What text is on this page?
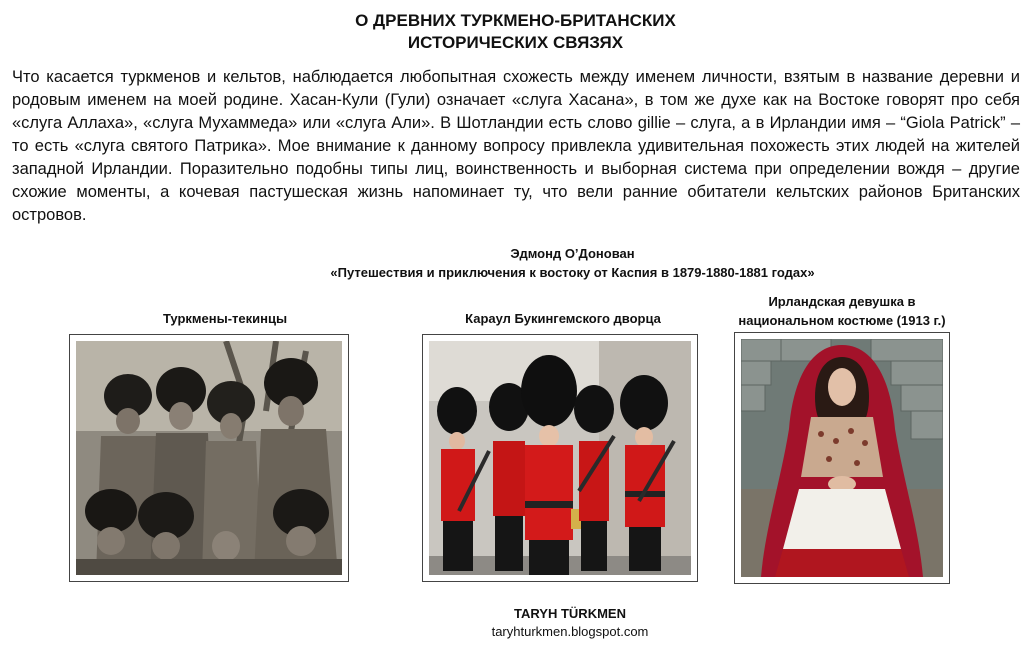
О ДРЕВНИХ ТУРКМЕНО-БРИТАНСКИХ
ИСТОРИЧЕСКИХ СВЯЗЯХ
Что касается туркменов и кельтов, наблюдается любопытная схожесть между именем личности, взятым в название деревни и родовым именем на моей родине. Хасан-Кули (Гули) означает «слуга Хасана», в том же духе как на Востоке говорят про себя «слуга Аллаха», «слуга Мухаммеда» или «слуга Али». В Шотландии есть слово gillie – слуга, а в Ирландии имя – “Giola Patrick” – то есть «слуга святого Патрика». Мое внимание к данному вопросу привлекла удивительная похожесть этих людей на жителей западной Ирландии. Поразительно подобны типы лиц, воинственность и выборная система при определении вождя – другие схожие моменты, а кочевая пастушеская жизнь напоминает ту, что вели ранние обитатели кельтских районов Британских островов.
Эдмонд О’Донован
«Путешествия и приключения к востоку от Каспия в 1879-1880-1881 годах»
Туркмены-текинцы	Караул Букингемского дворца
Ирландская девушка в
национальном костюме (1913 г.)
TARYH TÜRKMEN
taryhturkmen.blogspot.com
